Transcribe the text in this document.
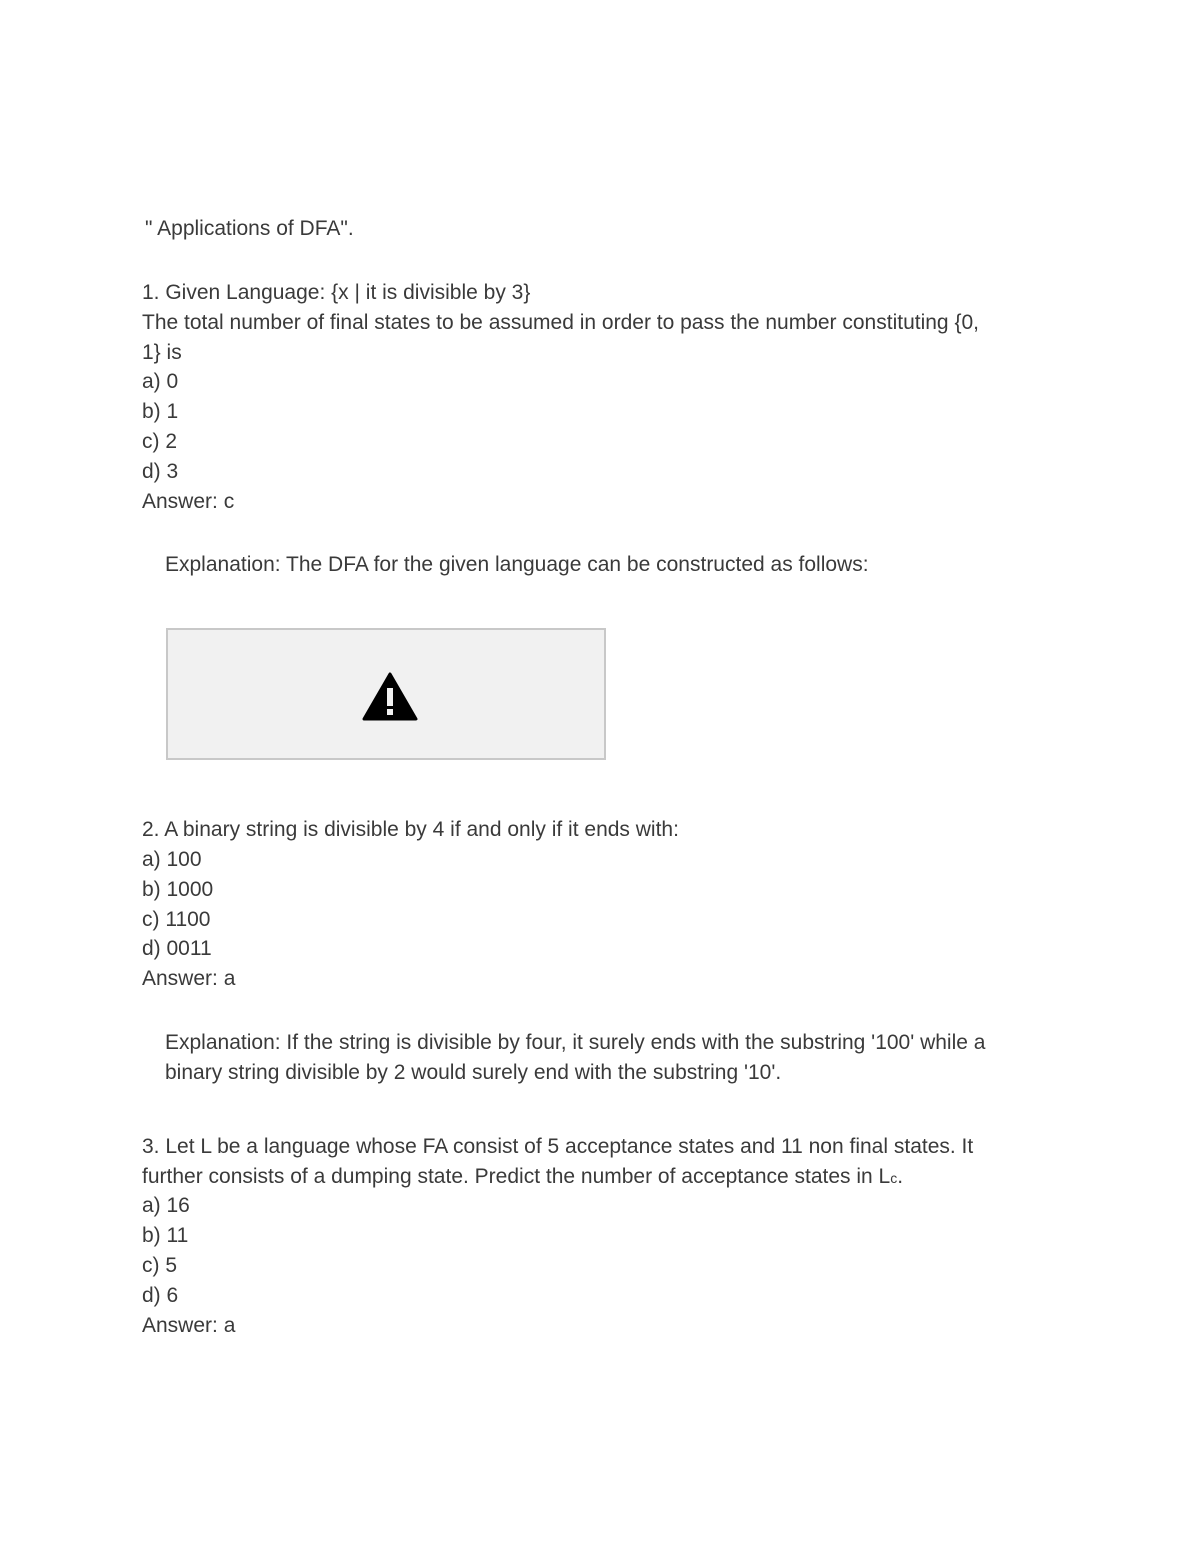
" Applications of DFA".
1. Given Language: {x | it is divisible by 3}
The total number of final states to be assumed in order to pass the number constituting {0,
1} is
a) 0
b) 1
c) 2
d) 3
Answer: c
Explanation: The DFA for the given language can be constructed as follows:
2. A binary string is divisible by 4 if and only if it ends with:
a) 100
b) 1000
c) 1100
d) 0011
Answer: a
Explanation: If the string is divisible by four, it surely ends with the substring '100' while a
binary string divisible by 2 would surely end with the substring '10'.
3. Let L be a language whose FA consist of 5 acceptance states and 11 non final states. It
further consists of a dumping state. Predict the number of acceptance states in Lc.
a) 16
b) 11
c) 5
d) 6
Answer: a
